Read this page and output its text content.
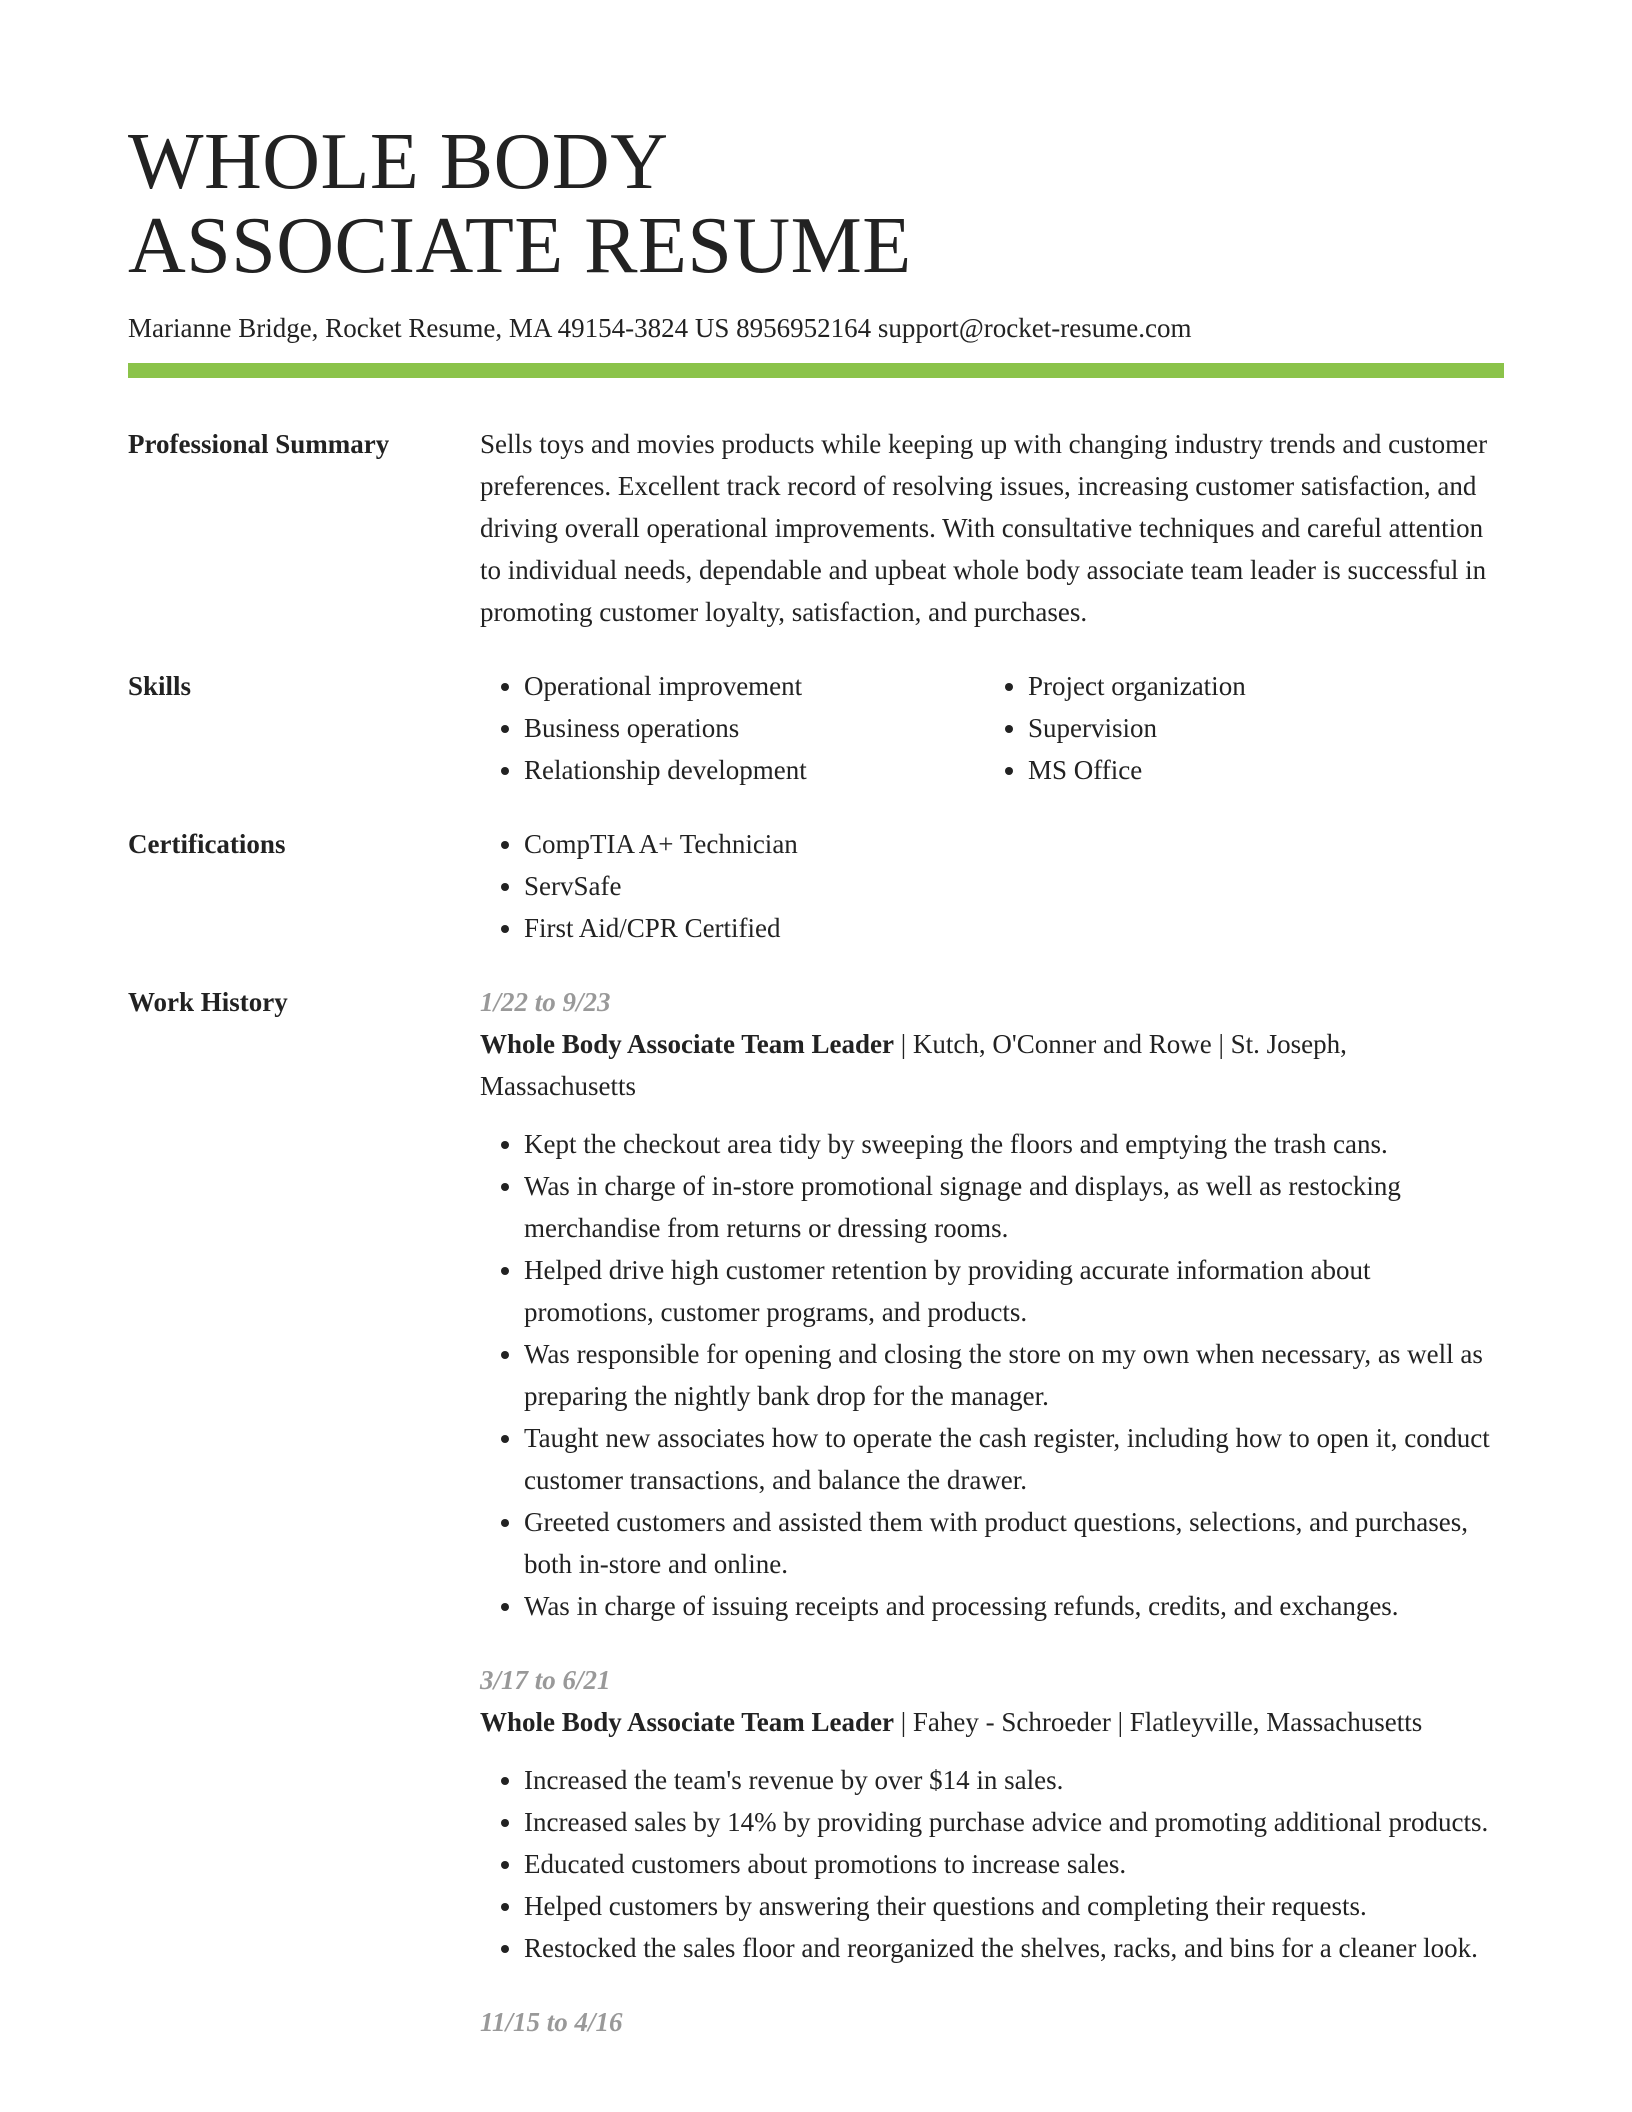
WHOLE BODY
ASSOCIATE RESUME
Marianne Bridge, Rocket Resume, MA 49154-3824 US 8956952164 support@rocket-resume.com
Professional Summary	Sells toys and movies products while keeping up with changing industry trends and customer preferences. Excellent track record of resolving issues, increasing customer satisfaction, and driving overall operational improvements. With consultative techniques and careful attention to individual needs, dependable and upbeat whole body associate team leader is successful in promoting customer loyalty, satisfaction, and purchases.
Skills	• Operational improvement
• Business operations
• Relationship development
• Project organization
• Supervision
• MS Office
Certifications	• CompTIA A+ Technician
• ServSafe
• First Aid/CPR Certified
Work History	1/22 to 9/23
Whole Body Associate Team Leader | Kutch, O'Conner and Rowe | St. Joseph, Massachusetts
• Kept the checkout area tidy by sweeping the floors and emptying the trash cans.
• Was in charge of in-store promotional signage and displays, as well as restocking merchandise from returns or dressing rooms.
• Helped drive high customer retention by providing accurate information about promotions, customer programs, and products.
• Was responsible for opening and closing the store on my own when necessary, as well as preparing the nightly bank drop for the manager.
• Taught new associates how to operate the cash register, including how to open it, conduct customer transactions, and balance the drawer.
• Greeted customers and assisted them with product questions, selections, and purchases, both in-store and online.
• Was in charge of issuing receipts and processing refunds, credits, and exchanges.
3/17 to 6/21
Whole Body Associate Team Leader | Fahey - Schroeder | Flatleyville, Massachusetts
• Increased the team's revenue by over $14 in sales.
• Increased sales by 14% by providing purchase advice and promoting additional products.
• Educated customers about promotions to increase sales.
• Helped customers by answering their questions and completing their requests.
• Restocked the sales floor and reorganized the shelves, racks, and bins for a cleaner look.
11/15 to 4/16
